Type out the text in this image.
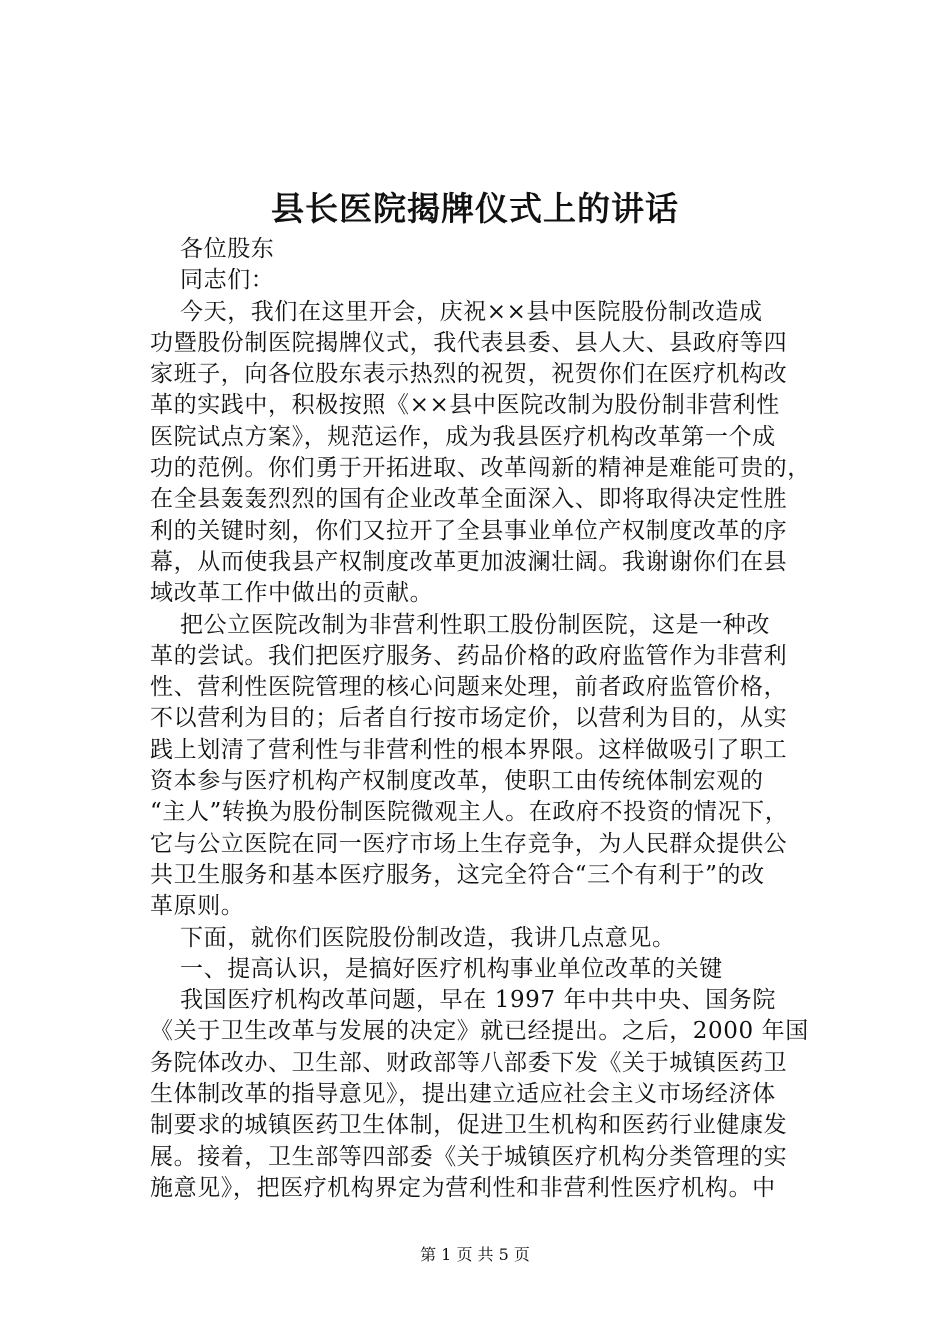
县长医院揭牌仪式上的讲话

各位股东

同志们：

今天，我们在这里开会，庆祝××县中医院股份制改造成

功暨股份制医院揭牌仪式，我代表县委、县人大、县政府等四

家班子，向各位股东表示热烈的祝贺，祝贺你们在医疗机构改

革的实践中，积极按照《××县中医院改制为股份制非营利性

医院试点方案》，规范运作，成为我县医疗机构改革第一个成

功的范例。你们勇于开拓进取、改革闯新的精神是难能可贵的，

在全县轰轰烈烈的国有企业改革全面深入、即将取得决定性胜

利的关键时刻，你们又拉开了全县事业单位产权制度改革的序

幕，从而使我县产权制度改革更加波澜壮阔。我谢谢你们在县

域改革工作中做出的贡献。

把公立医院改制为非营利性职工股份制医院，这是一种改

革的尝试。我们把医疗服务、药品价格的政府监管作为非营利

性、营利性医院管理的核心问题来处理，前者政府监管价格，

不以营利为目的；后者自行按市场定价，以营利为目的，从实

践上划清了营利性与非营利性的根本界限。这样做吸引了职工

资本参与医疗机构产权制度改革，使职工由传统体制宏观的

“主人”转换为股份制医院微观主人。在政府不投资的情况下，

它与公立医院在同一医疗市场上生存竞争，为人民群众提供公

共卫生服务和基本医疗服务，这完全符合“三个有利于”的改

革原则。

下面，就你们医院股份制改造，我讲几点意见。

一、提高认识，是搞好医疗机构事业单位改革的关键

我国医疗机构改革问题，早在 1997 年中共中央、国务院

《关于卫生改革与发展的决定》就已经提出。之后，2000 年国

务院体改办、卫生部、财政部等八部委下发《关于城镇医药卫

生体制改革的指导意见》，提出建立适应社会主义市场经济体

制要求的城镇医药卫生体制，促进卫生机构和医药行业健康发

展。接着，卫生部等四部委《关于城镇医疗机构分类管理的实

施意见》，把医疗机构界定为营利性和非营利性医疗机构。中

第 1 页 共 5 页
